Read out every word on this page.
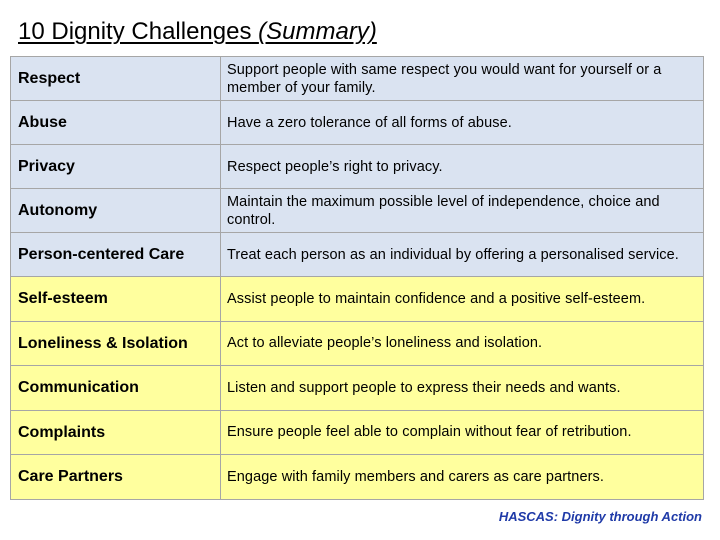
10 Dignity Challenges (Summary)
Respect	Support people with same respect you would want for yourself or a member of your family.
Abuse	Have a zero tolerance of all forms of abuse.
Privacy	Respect people’s right to privacy.
Autonomy	Maintain the maximum possible level of independence, choice and control.
Person-centered Care	Treat each person as an individual by offering a personalised service.
Self-esteem	Assist people to maintain confidence and a positive self-esteem.
Loneliness & Isolation	Act to alleviate people’s loneliness and isolation.
Communication	Listen and support people to express their needs and wants.
Complaints	Ensure people feel able to complain without fear of retribution.
Care Partners	Engage with family members and carers as care partners.
HASCAS: Dignity through Action
